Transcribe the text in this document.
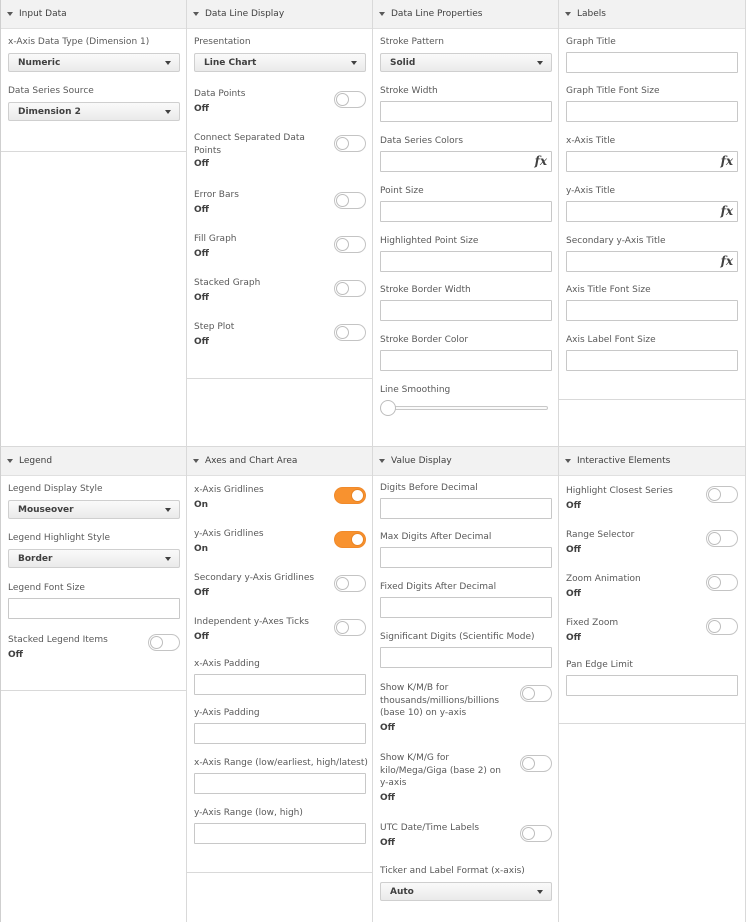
Input Data
x-Axis Data Type (Dimension 1)
Numeric
Data Series Source
Dimension 2
Data Line Display
Presentation
Line Chart
Data Points
Off
Connect Separated Data Points
Off
Error Bars
Off
Fill Graph
Off
Stacked Graph
Off
Step Plot
Off
Data Line Properties
Stroke Pattern
Solid
Stroke Width
Data Series Colors
fx
Point Size
Highlighted Point Size
Stroke Border Width
Stroke Border Color
Line Smoothing
Labels
Graph Title
Graph Title Font Size
x-Axis Title
fx
y-Axis Title
fx
Secondary y-Axis Title
fx
Axis Title Font Size
Axis Label Font Size
Legend
Legend Display Style
Mouseover
Legend Highlight Style
Border
Legend Font Size
Stacked Legend Items
Off
Axes and Chart Area
x-Axis Gridlines
On
y-Axis Gridlines
On
Secondary y-Axis Gridlines
Off
Independent y-Axes Ticks
Off
x-Axis Padding
y-Axis Padding
x-Axis Range (low/earliest, high/latest)
y-Axis Range (low, high)
Value Display
Digits Before Decimal
Max Digits After Decimal
Fixed Digits After Decimal
Significant Digits (Scientific Mode)
Show K/M/B for thousands/millions/billions (base 10) on y-axis
Off
Show K/M/G for kilo/Mega/Giga (base 2) on y-axis
Off
UTC Date/Time Labels
Off
Ticker and Label Format (x-axis)
Auto
Interactive Elements
Highlight Closest Series
Off
Range Selector
Off
Zoom Animation
Off
Fixed Zoom
Off
Pan Edge Limit
